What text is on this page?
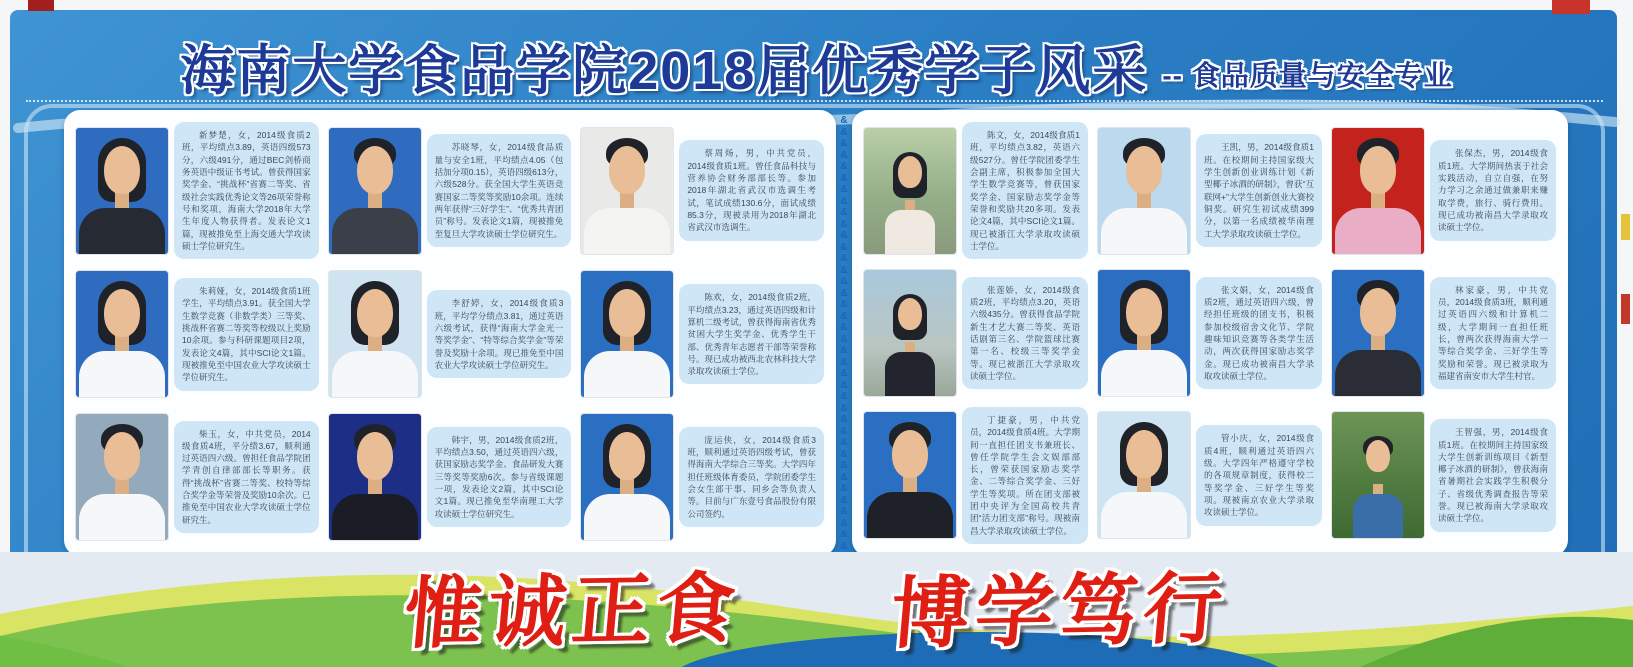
海南大学食品学院2018届优秀学子风采 -- 食品质量与安全专业
新梦楚，女，2014级食质2班，平均绩点3.89，英语四级573分，六级491分，通过BEC剑桥商务英语中级证书考试。曾获得国家奖学金、“挑战杯”省赛二等奖、省级社会实践优秀论文等26项荣誉称号和奖项，海南大学2018年大学生年度人物获得者。发表论文1篇，现被推免至上海交通大学攻读硕士学位研究生。
苏晓琴，女，2014级食品质量与安全1班，平均绩点4.05（包括加分项0.15），英语四级613分，六级528分。获全国大学生英语竞赛国家二等奖等奖励10余项。连续两年获得“三好学生”、“优秀共青团员”称号。发表论文1篇，现被推免至复旦大学攻读硕士学位研究生。
蔡周炀，男，中共党员，2014级食质1班。曾任食品科技与营养协会财务部部长等。参加2018年湖北省武汉市选调生考试，笔试成绩130.6分，面试成绩85.3分，现被录用为2018年湖北省武汉市选调生。
朱莉娅，女，2014级食质1班学生，平均绩点3.91。获全国大学生数学竞赛（非数学类）三等奖、挑战杯省赛二等奖等校级以上奖励10余项。参与科研课题项目2项，发表论文4篇，其中SCI论文1篇。现被推免至中国农业大学攻读硕士学位研究生。
李舒婷，女，2014级食质3班，平均学分绩点3.81，通过英语六级考试，获得“海南大学金光一等奖学金”、“特等综合奖学金”等荣誉及奖励十余项。现已推免至中国农业大学攻读硕士学位研究生。
陈欢，女，2014级食质2班，平均绩点3.23，通过英语四级和计算机二级考试，曾获得海南省优秀贫困大学生奖学金、优秀学生干部、优秀青年志愿者干部等荣誉称号。现已成功被西北农林科技大学录取攻读硕士学位。
柴玉，女，中共党员，2014级食质4班，平分绩3.67，顺利通过英语四六级。曾担任食品学院团学青创自律部部长等职务。获得“挑战杯”省赛二等奖、校特等综合奖学金等荣誉及奖励10余次。已推免至中国农业大学攻读硕士学位研究生。
韩宇，男，2014级食质2班，平均绩点3.50，通过英语四六级，获国家励志奖学金、食品研发大赛三等奖等奖励6次。参与省级课题一项，发表论文2篇，其中SCI论文1篇。现已推免至华南理工大学攻读硕士学位研究生。
庞运侠，女，2014级食质3班，顺利通过英语四级考试，曾获得海南大学综合三等奖。大学四年担任班级体育委员，学院团委学生会女生部干事、同乡会等负责人等。目前与广东壹号食品股份有限公司签约。
&
&
&
&
&
&
&
&
&
&
&
&
&
&
&
&
&
&
&
&
&
&
&
&
&
&
&
&
&
&
&
&
&
&
&
&
&
&
陈文，女，2014级食质1班，平均绩点3.82，英语六级527分。曾任学院团委学生会副主席，积极参加全国大学生数学竞赛等，曾获国家奖学金、国家励志奖学金等荣誉和奖励共20多项。发表论文4篇，其中SCI论文1篇。现已被浙江大学录取攻读硕士学位。
王凯，男，2014级食质1班。在校期间主持国家级大学生创新创业训练计划《新型椰子冰酒的研制》，曾获“互联网+”大学生创新创业大赛校铜奖。研究生初试成绩399分，以第一名成绩被华南理工大学录取攻读硕士学位。
张保杰，男，2014级食质1班。大学期间热衷于社会实践活动，自立自强，在努力学习之余通过做兼职来赚取学费，旅行、骑行费用。现已成功被南昌大学录取攻读硕士学位。
张莲娇，女，2014级食质2班，平均绩点3.20，英语六级435分。曾获得食品学院新生才艺大赛二等奖、英语话剧第三名、学院篮球比赛第一名、校级三等奖学金等。现已被浙江大学录取攻读硕士学位。
张文娟，女，2014级食质2班，通过英语四六级，曾经担任班级的团支书，积极参加校级宿舍文化节、学院趣味知识竞赛等各类学生活动，两次获得国家励志奖学金。现已成功被南昌大学录取攻读硕士学位。
林家豪，男，中共党员，2014级食质3班，顺利通过英语四六级和计算机二级，大学期间一直担任班长，曾两次获得海南大学一等综合奖学金、三好学生等奖励和荣誉。现已被录取为福建省南安市大学生村官。
丁捷豪，男，中共党员，2014级食质4班。大学期间一直担任团支书兼班长、曾任学院学生会文娱部部长，曾荣获国家励志奖学金、二等综合奖学金、三好学生等奖项。所在团支部被团中央评为全国高校共青团“活力团支部”称号。现被南昌大学录取攻读硕士学位。
管小庆，女，2014级食质4班，顺利通过英语四六级。大学四年严格遵守学校的各项规章制度，获得校二等奖学金、三好学生等奖项。现被南京农业大学录取攻读硕士学位。
王智强，男，2014级食质1班。在校期间主持国家级大学生创新训练项目《新型椰子冰酒的研制》，曾获海南省暑期社会实践学生积极分子、省级优秀调查报告等荣誉。现已被海南大学录取攻读硕士学位。
惟诚正食 博学笃行
